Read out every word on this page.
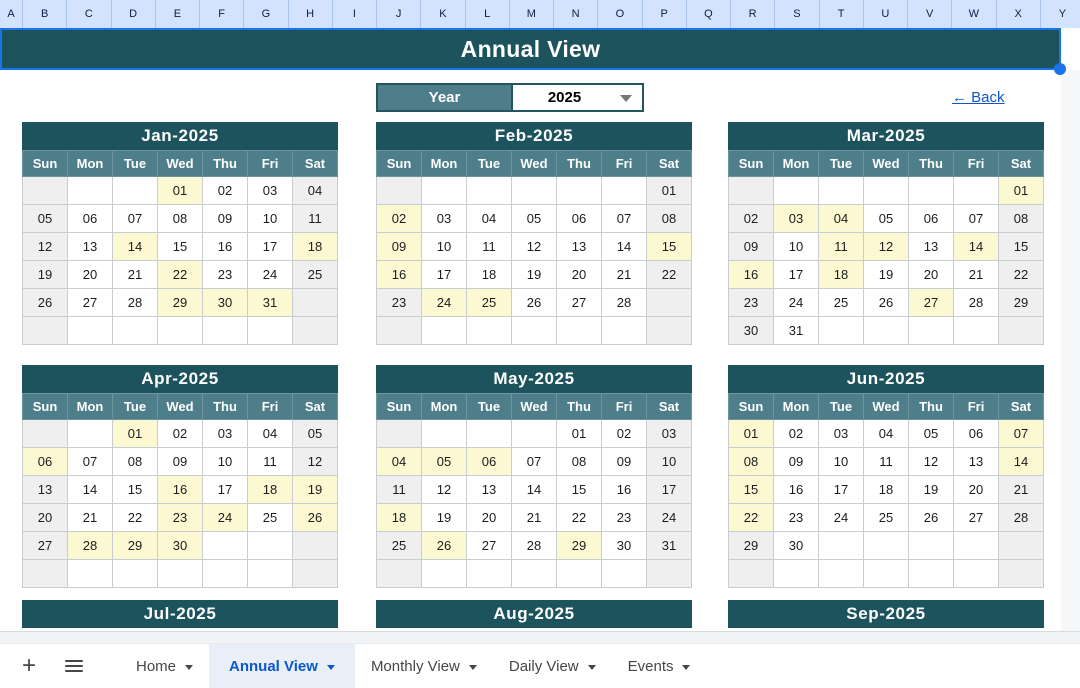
A	B	C	D	E	F	G	H	I	J	K	L	M	N	O	P	Q	R	S	T	U	V	W	X	Y
Annual View
Year	2025	← Back
Jan-2025
Sun	Mon	Tue	Wed	Thu	Fri	Sat
			01	02	03	04
05	06	07	08	09	10	11
12	13	14	15	16	17	18
19	20	21	22	23	24	25
26	27	28	29	30	31	

Feb-2025
Sun	Mon	Tue	Wed	Thu	Fri	Sat
						01
02	03	04	05	06	07	08
09	10	11	12	13	14	15
16	17	18	19	20	21	22
23	24	25	26	27	28	

Mar-2025
Sun	Mon	Tue	Wed	Thu	Fri	Sat
						01
02	03	04	05	06	07	08
09	10	11	12	13	14	15
16	17	18	19	20	21	22
23	24	25	26	27	28	29
30	31					
Apr-2025
Sun	Mon	Tue	Wed	Thu	Fri	Sat
		01	02	03	04	05
06	07	08	09	10	11	12
13	14	15	16	17	18	19
20	21	22	23	24	25	26
27	28	29	30			

May-2025
Sun	Mon	Tue	Wed	Thu	Fri	Sat
				01	02	03
04	05	06	07	08	09	10
11	12	13	14	15	16	17
18	19	20	21	22	23	24
25	26	27	28	29	30	31

Jun-2025
Sun	Mon	Tue	Wed	Thu	Fri	Sat
01	02	03	04	05	06	07
08	09	10	11	12	13	14
15	16	17	18	19	20	21
22	23	24	25	26	27	28
29	30					

Jul-2025	Aug-2025	Sep-2025
+	Home	Annual View	Monthly View	Daily View	Events
